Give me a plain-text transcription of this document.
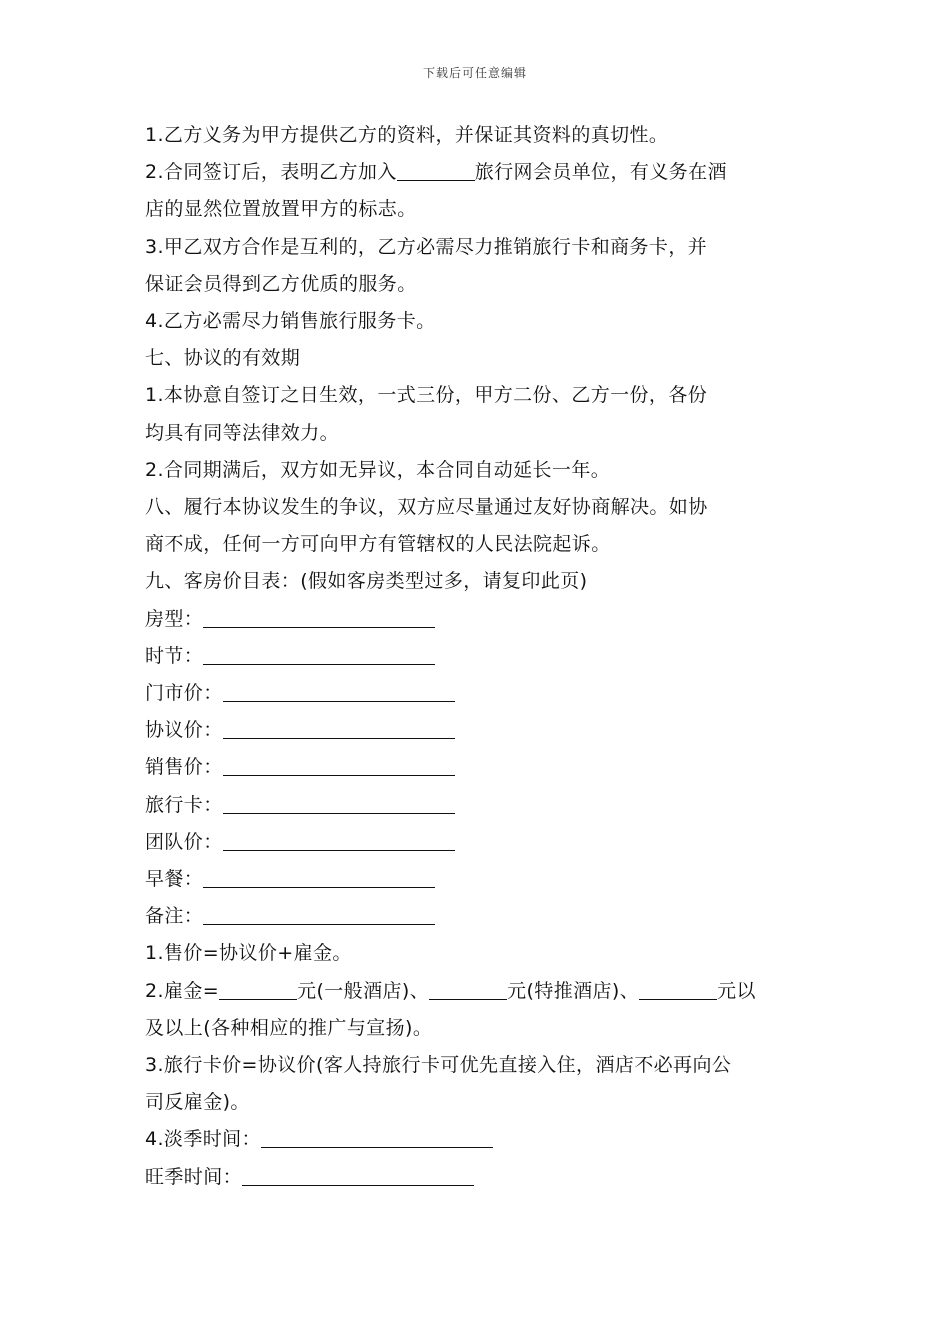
下载后可任意编辑
1.乙方义务为甲方提供乙方的资料，并保证其资料的真切性。
2.合同签订后，表明乙方加入	旅行网会员单位，有义务在酒
店的显然位置放置甲方的标志。
3.甲乙双方合作是互利的，乙方必需尽力推销旅行卡和商务卡，并
保证会员得到乙方优质的服务。
4.乙方必需尽力销售旅行服务卡。
七、协议的有效期
1.本协意自签订之日生效，一式三份，甲方二份、乙方一份，各份
均具有同等法律效力。
2.合同期满后，双方如无异议，本合同自动延长一年。
八、履行本协议发生的争议，双方应尽量通过友好协商解决。如协
商不成，任何一方可向甲方有管辖权的人民法院起诉。
九、客房价目表：(假如客房类型过多，请复印此页)
房型：
时节：
门市价：
协议价：
销售价：
旅行卡：
团队价：
早餐：
备注：
1.售价=协议价+雇金。
2.雇金=	元(一般酒店)、	元(特推酒店)、	元以
及以上(各种相应的推广与宣扬)。
3.旅行卡价=协议价(客人持旅行卡可优先直接入住，酒店不必再向公
司反雇金)。
4.淡季时间：
旺季时间：
